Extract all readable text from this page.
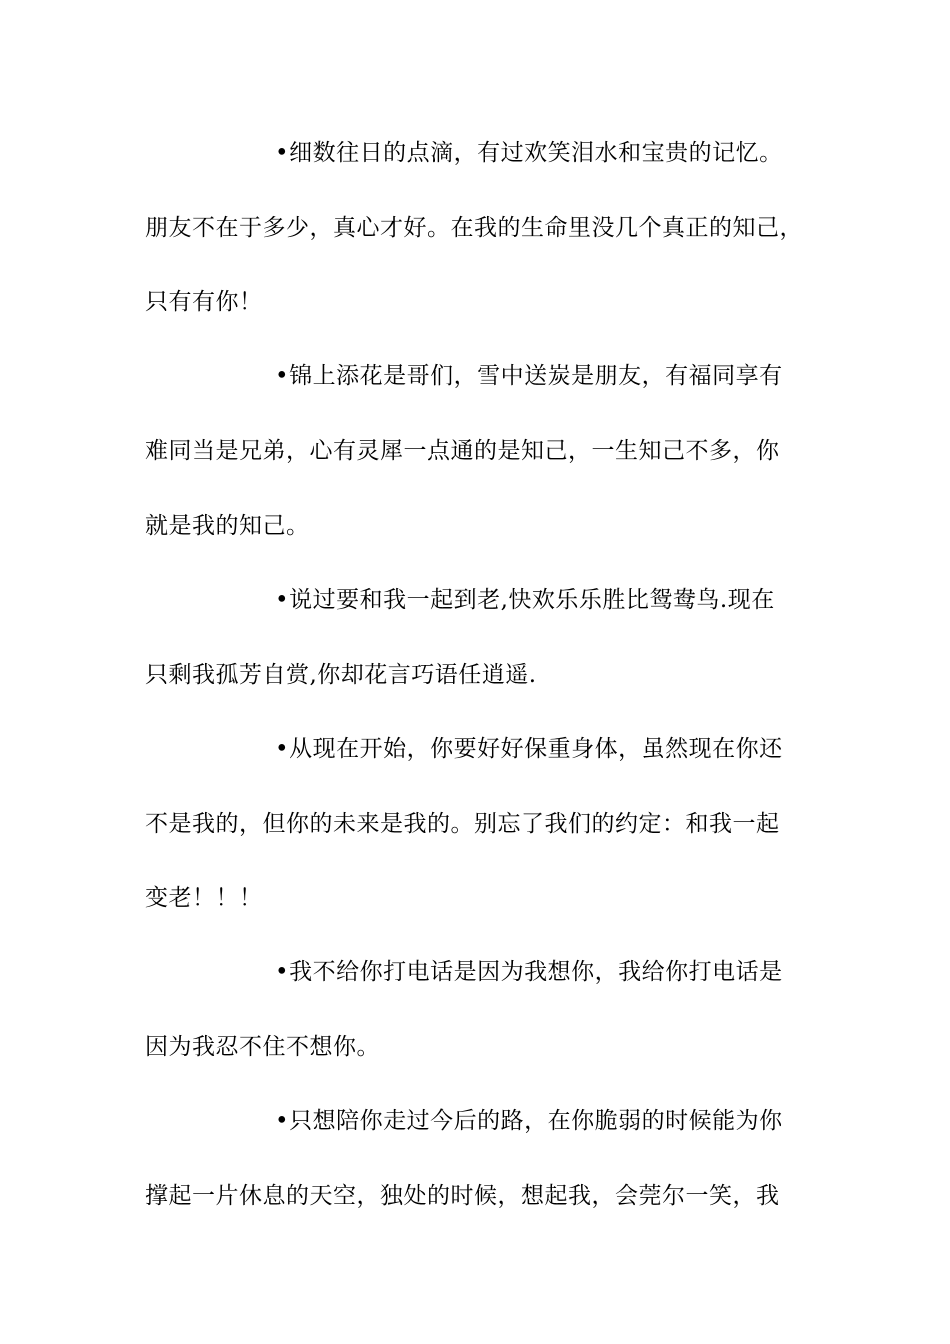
•细数往日的点滴，有过欢笑泪水和宝贵的记忆。
朋友不在于多少，真心才好。在我的生命里没几个真正的知己，
只有有你！
•锦上添花是哥们，雪中送炭是朋友，有福同享有
难同当是兄弟，心有灵犀一点通的是知己，一生知己不多，你
就是我的知己。
•说过要和我一起到老,快欢乐乐胜比鸳鸯鸟.现在
只剩我孤芳自赏,你却花言巧语任逍遥.
•从现在开始，你要好好保重身体，虽然现在你还
不是我的，但你的未来是我的。别忘了我们的约定：和我一起
变老！！！
•我不给你打电话是因为我想你，我给你打电话是
因为我忍不住不想你。
•只想陪你走过今后的路，在你脆弱的时候能为你
撑起一片休息的天空，独处的时候，想起我，会莞尔一笑，我
